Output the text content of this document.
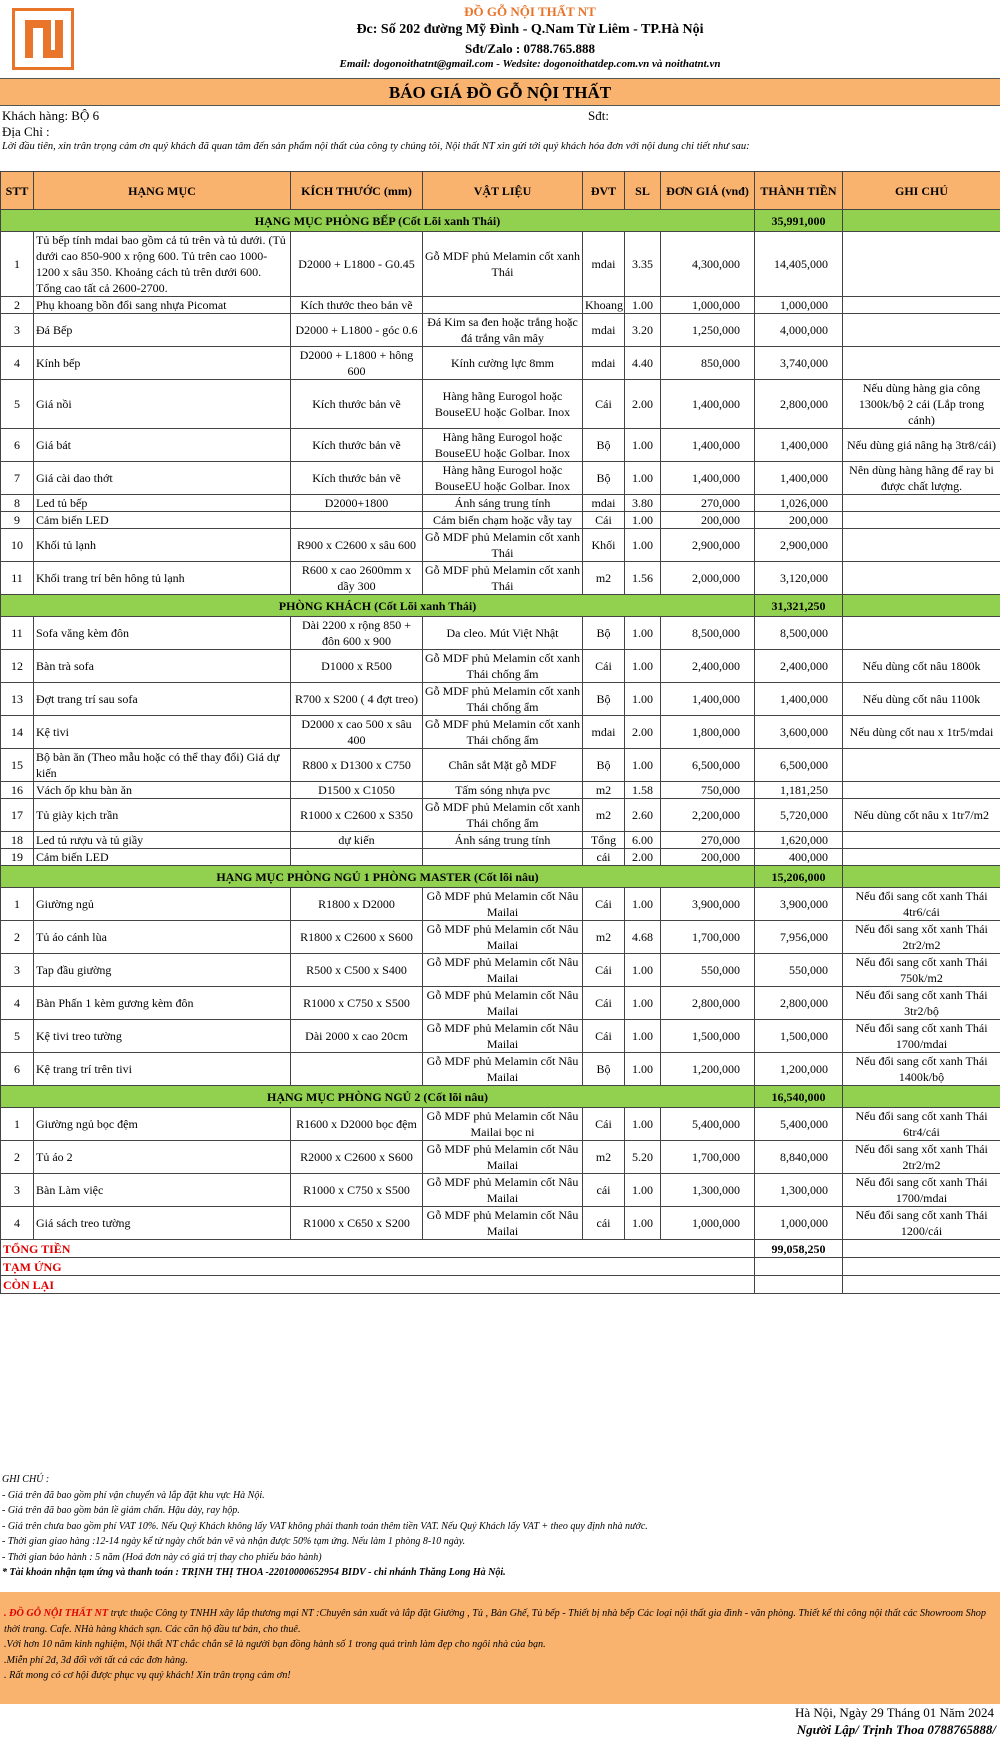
ĐỒ GỖ NỘI THẤT NT
Đc: Số 202 đường Mỹ Đình - Q.Nam Từ Liêm - TP.Hà Nội
Sđt/Zalo : 0788.765.888
Email: dogonoithatnt@gmail.com - Wedsite: dogonoithatdep.com.vn và noithatnt.vn
BÁO GIÁ ĐỒ GỖ NỘI THẤT
Khách hàng: BỘ 6	Sđt:
Địa Chỉ :
Lời đầu tiên, xin trân trọng cảm ơn quý khách đã quan tâm đến sản phẩm nội thất của công ty chúng tôi, Nội thất NT xin gửi tới quý khách hóa đơn với nội dung chi tiết như sau:
STT	HẠNG MỤC	KÍCH THƯỚC (mm)	VẬT LIỆU	ĐVT	SL	ĐƠN GIÁ (vnđ)	THÀNH TIỀN	GHI CHÚ
HẠNG MỤC PHÒNG BẾP (Cốt Lõi xanh Thái)							35,991,000	
1	Tủ bếp tính mdai bao gồm cả tủ trên và tủ dưới. (Tủ dưới cao 850-900 x rộng 600. Tủ trên cao 1000-1200 x sâu 350. Khoảng cách tủ trên dưới 600. Tổng cao tất cả 2600-2700.	D2000 + L1800 - G0.45	Gỗ MDF phủ Melamin cốt xanh Thái	mdai	3.35	4,300,000	14,405,000	
2	Phụ khoang bồn đổi sang nhựa Picomat	Kích thước theo bản vẽ		Khoang	1.00	1,000,000	1,000,000	
3	Đá Bếp	D2000 + L1800 - góc 0.6	Đá Kim sa đen hoặc trắng hoặc đá trắng vân mây	mdai	3.20	1,250,000	4,000,000	
4	Kính bếp	D2000 + L1800 + hông 600	Kính cường lực 8mm	mdai	4.40	850,000	3,740,000	
5	Giá nồi	Kích thước bản vẽ	Hàng hãng Eurogol hoặc BouseEU hoặc Golbar. Inox	Cái	2.00	1,400,000	2,800,000	Nếu dùng hàng gia công 1300k/bộ 2 cái (Lắp trong cánh)
6	Giá bát	Kích thước bản vẽ	Hàng hãng Eurogol hoặc BouseEU hoặc Golbar. Inox	Bộ	1.00	1,400,000	1,400,000	Nếu dùng giá nâng hạ 3tr8/cái)
7	Giá cài dao thớt	Kích thước bản vẽ	Hàng hãng Eurogol hoặc BouseEU hoặc Golbar. Inox	Bộ	1.00	1,400,000	1,400,000	Nên dùng hàng hãng để ray bi được chất lượng.
8	Led tủ bếp	D2000+1800	Ánh sáng trung tính	mdai	3.80	270,000	1,026,000	
9	Cảm biến LED		Cảm biến chạm hoặc vẫy tay	Cái	1.00	200,000	200,000	
10	Khối tủ lạnh	R900 x C2600 x sâu 600	Gỗ MDF phủ Melamin cốt xanh Thái	Khối	1.00	2,900,000	2,900,000	
11	Khối trang trí bên hông tủ lạnh	R600 x cao 2600mm x dầy 300	Gỗ MDF phủ Melamin cốt xanh Thái	m2	1.56	2,000,000	3,120,000	
PHÒNG KHÁCH (Cốt Lõi xanh Thái)							31,321,250	
11	Sofa văng kèm đôn	Dài 2200 x rộng 850 + đôn 600 x 900	Da cleo. Mút Việt Nhật	Bộ	1.00	8,500,000	8,500,000	
12	Bàn trà sofa	D1000 x R500	Gỗ MDF phủ Melamin cốt xanh Thái chống ẩm	Cái	1.00	2,400,000	2,400,000	Nếu dùng cốt nâu 1800k
13	Đợt trang trí sau sofa	R700 x S200 ( 4 đợt treo)	Gỗ MDF phủ Melamin cốt xanh Thái chống ẩm	Bộ	1.00	1,400,000	1,400,000	Nếu dùng cốt nâu 1100k
14	Kệ tivi	D2000 x cao 500 x sâu 400	Gỗ MDF phủ Melamin cốt xanh Thái chống ẩm	mdai	2.00	1,800,000	3,600,000	Nếu dùng cốt nau x 1tr5/mdai
15	Bộ bàn ăn (Theo mẫu hoặc có thể thay đổi) Giá dự kiến	R800 x D1300 x C750	Chân sắt Mặt gỗ MDF	Bộ	1.00	6,500,000	6,500,000	
16	Vách ốp khu bàn ăn	D1500 x C1050	Tấm sóng nhựa pvc	m2	1.58	750,000	1,181,250	
17	Tủ giày kịch trần	R1000 x C2600 x S350	Gỗ MDF phủ Melamin cốt xanh Thái chống ẩm	m2	2.60	2,200,000	5,720,000	Nếu dùng cốt nâu x 1tr7/m2
18	Led tủ rượu và tủ giầy	dự kiến	Ánh sáng trung tính	Tổng	6.00	270,000	1,620,000	
19	Cảm biến LED			cái	2.00	200,000	400,000	
HẠNG MỤC PHÒNG NGỦ 1 PHÒNG MASTER (Cốt lõi nâu)							15,206,000	
1	Giường ngủ	R1800 x D2000	Gỗ MDF phủ Melamin cốt Nâu Mailai	Cái	1.00	3,900,000	3,900,000	Nếu đổi sang cốt xanh Thái 4tr6/cái
2	Tủ áo cánh lùa	R1800 x C2600 x S600	Gỗ MDF phủ Melamin cốt Nâu Mailai	m2	4.68	1,700,000	7,956,000	Nếu đổi sang xốt xanh Thái 2tr2/m2
3	Tap đầu giường	R500 x C500 x S400	Gỗ MDF phủ Melamin cốt Nâu Mailai	Cái	1.00	550,000	550,000	Nếu đổi sang cốt xanh Thái 750k/m2
4	Bàn Phấn 1 kèm gương kèm đôn	R1000 x C750 x S500	Gỗ MDF phủ Melamin cốt Nâu Mailai	Cái	1.00	2,800,000	2,800,000	Nếu đổi sang cốt xanh Thái 3tr2/bộ
5	Kệ tivi treo tường	Dài 2000 x cao 20cm	Gỗ MDF phủ Melamin cốt Nâu Mailai	Cái	1.00	1,500,000	1,500,000	Nếu đổi sang cốt xanh Thái 1700/mdai
6	Kệ trang trí trên tivi		Gỗ MDF phủ Melamin cốt Nâu Mailai	Bộ	1.00	1,200,000	1,200,000	Nếu đổi sang cốt xanh Thái 1400k/bộ
HẠNG MỤC PHÒNG NGỦ 2 (Cốt lõi nâu)							16,540,000	
1	Giường ngủ bọc đệm	R1600 x D2000 bọc đệm	Gỗ MDF phủ Melamin cốt Nâu Mailai bọc ni	Cái	1.00	5,400,000	5,400,000	Nếu đổi sang cốt xanh Thái 6tr4/cái
2	Tủ áo 2	R2000 x C2600 x S600	Gỗ MDF phủ Melamin cốt Nâu Mailai	m2	5.20	1,700,000	8,840,000	Nếu đổi sang xốt xanh Thái 2tr2/m2
3	Bàn Làm việc	R1000 x C750 x S500	Gỗ MDF phủ Melamin cốt Nâu Mailai	cái	1.00	1,300,000	1,300,000	Nếu đổi sang cốt xanh Thái 1700/mdai
4	Giá sách treo tường	R1000 x C650 x S200	Gỗ MDF phủ Melamin cốt Nâu Mailai	cái	1.00	1,000,000	1,000,000	Nếu đổi sang cốt xanh Thái 1200/cái
TỔNG TIỀN							99,058,250	
TẠM ỨNG								
CÒN LẠI								
GHI CHÚ :
- Giá trên đã bao gồm phí vận chuyển và lắp đặt khu vực Hà Nội.
- Giá trên đã bao gồm bản lề giảm chấn. Hậu dày, ray hộp.
- Giá trên chưa bao gồm phí VAT 10%. Nếu Quý Khách không lấy VAT không phải thanh toán thêm tiền VAT. Nếu Quý Khách lấy VAT + theo quy định nhà nước.
- Thời gian giao hàng :12-14 ngày kể từ ngày chốt bản vẽ và nhận được 50% tạm ứng. Nếu làm 1 phòng 8-10 ngày.
- Thời gian bảo hành : 5 năm (Hoá đơn này có giá trị thay cho phiếu bảo hành)
* Tài khoản nhận tạm ứng và thanh toán : TRỊNH THỊ THOA -22010000652954 BIDV - chi nhánh Thăng Long Hà Nội.
. ĐỒ GỖ NỘI THẤT NT trực thuộc Công ty TNHH xây lắp thương mại NT :Chuyên sản xuất và lắp đặt Giường , Tủ , Bàn Ghế, Tủ bếp - Thiết bị nhà bếp Các loại nội thất gia đình - văn phòng. Thiết kế thi công nội thất các Showroom Shop thời trang. Cafe. NHà hàng khách sạn. Các căn hộ đầu tư bán, cho thuê.
.Với hơn 10 năm kinh nghiệm, Nội thất NT chắc chắn sẽ là người bạn đồng hành số 1 trong quá trình làm đẹp cho ngôi nhà của bạn.
.Miễn phí 2d, 3d đối với tất cả các đơn hàng.
. Rất mong có cơ hội được phục vụ quý khách! Xin trân trọng cảm ơn!
Hà Nội, Ngày 29 Tháng 01 Năm 2024
Người Lập/ Trịnh Thoa 0788765888/
